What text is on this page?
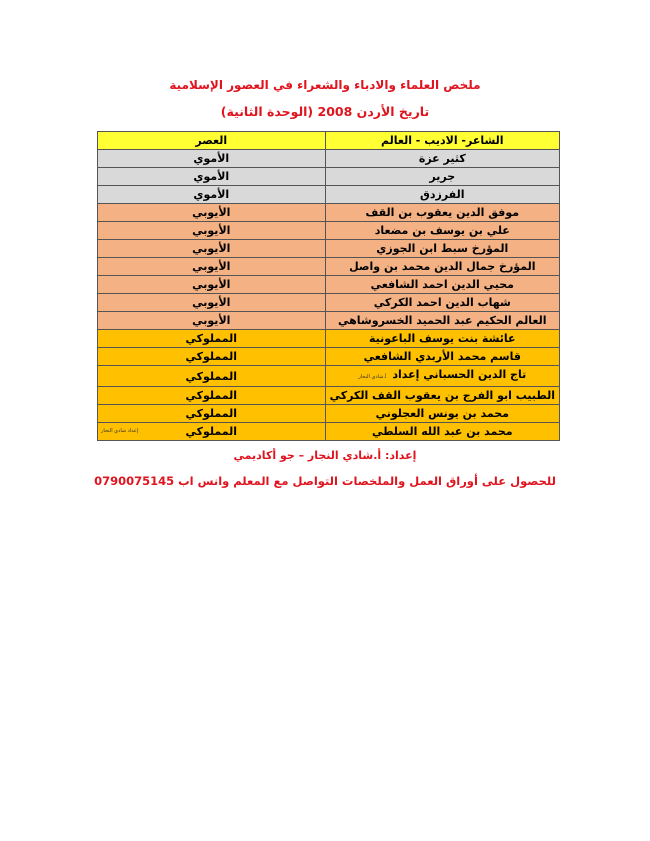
ملخص العلماء والادباء والشعراء في العصور الإسلامية
تاريخ الأردن 2008 (الوحدة الثانية)
الشاعر- الاديب - العالم	العصر
كثير عزة	الأموي
جرير	الأموي
الفرزدق	الأموي
موفق الدين يعقوب بن القف	الأيوبي
علي بن يوسف بن مضعاد	الأيوبي
المؤرخ سبط ابن الجوزي	الأيوبي
المؤرخ جمال الدين محمد بن واصل	الأيوبي
محيي الدين احمد الشافعي	الأيوبي
شهاب الدين احمد الكركي	الأيوبي
العالم الحكيم عبد الحميد الخسروشاهي	الأيوبي
عائشة بنت يوسف الباعونية	المملوكي
قاسم محمد الأربدي الشافعي	المملوكي
تاج الدين الحسباني إعدادأ.شادي النجار	المملوكي
الطبيب ابو الفرج بن يعقوب القف الكركي	المملوكي
محمد بن يونس العجلوني	المملوكي
محمد بن عبد الله السلطي	المملوكي
إعداد شادي النجار
إعداد: أ.شادي النجار – جو أكاديمي
للحصول على أوراق العمل والملخصات التواصل مع المعلم وانس اب 0790075145
